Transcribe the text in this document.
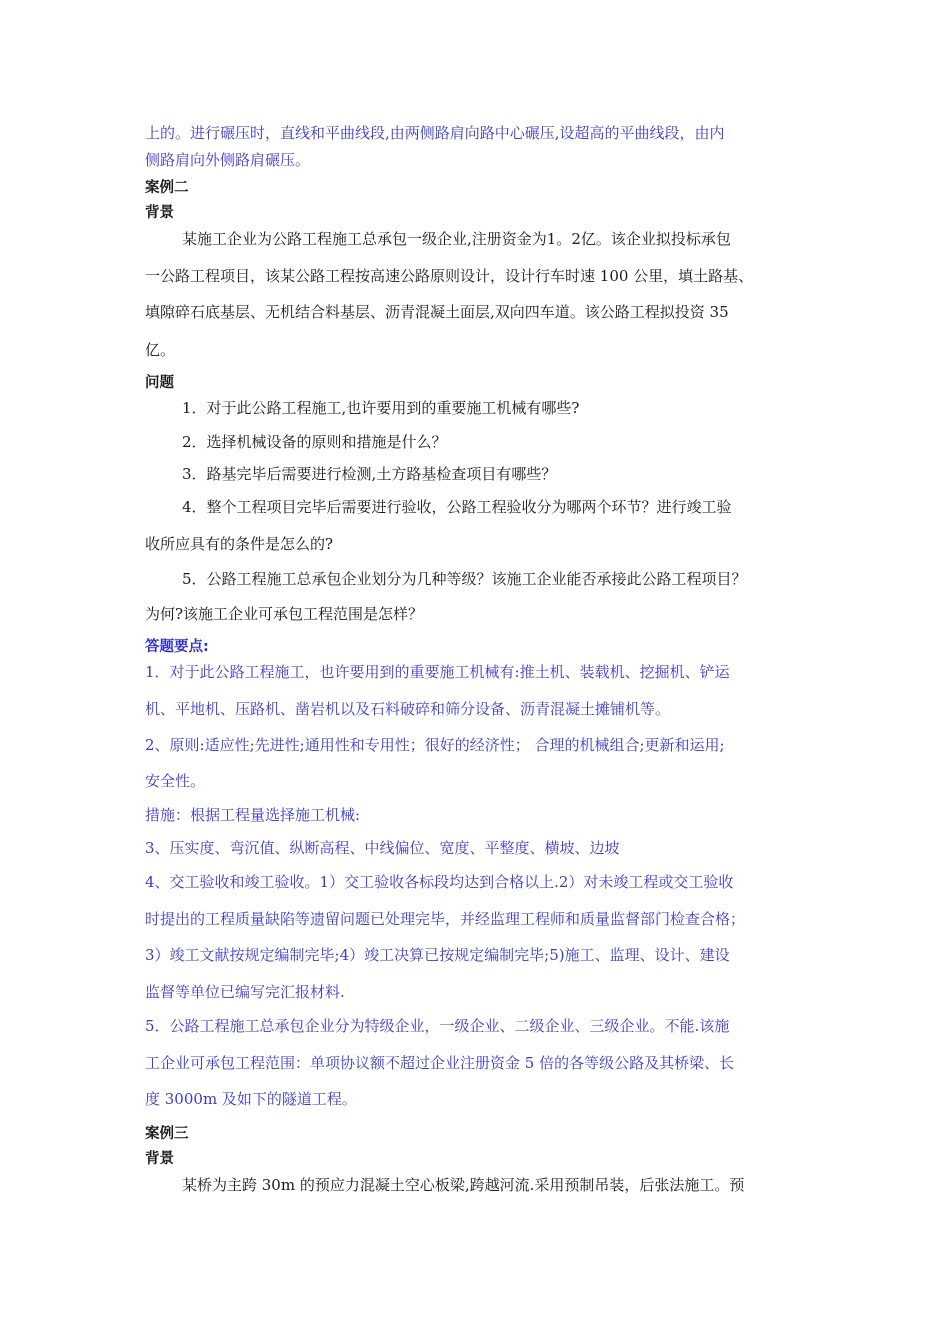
上的。进行碾压时，直线和平曲线段,由两侧路肩向路中心碾压,设超高的平曲线段，由内
侧路肩向外侧路肩碾压。
案例二
背景
某施工企业为公路工程施工总承包一级企业,注册资金为1。2亿。该企业拟投标承包
一公路工程项目，该某公路工程按高速公路原则设计，设计行车时速 100 公里，填土路基、
填隙碎石底基层、无机结合料基层、沥青混凝土面层,双向四车道。该公路工程拟投资 35
亿。
问题
1．对于此公路工程施工,也许要用到的重要施工机械有哪些?
2．选择机械设备的原则和措施是什么？
3．路基完毕后需要进行检测,土方路基检查项目有哪些？
4．整个工程项目完毕后需要进行验收，公路工程验收分为哪两个环节？进行竣工验
收所应具有的条件是怎么的?
5．公路工程施工总承包企业划分为几种等级？该施工企业能否承接此公路工程项目？
为何?该施工企业可承包工程范围是怎样？
答题要点:
1．对于此公路工程施工，也许要用到的重要施工机械有:推土机、装载机、挖掘机、铲运
机、平地机、压路机、凿岩机以及石料破碎和筛分设备、沥青混凝土摊铺机等。
2、原则:适应性;先进性;通用性和专用性；很好的经济性； 合理的机械组合;更新和运用;
安全性。
措施：根据工程量选择施工机械:
3、压实度、弯沉值、纵断高程、中线偏位、宽度、平整度、横坡、边坡
4、交工验收和竣工验收。1）交工验收各标段均达到合格以上.2）对未竣工程或交工验收
时提出的工程质量缺陷等遗留问题已处理完毕，并经监理工程师和质量监督部门检查合格；
3）竣工文献按规定编制完毕;4）竣工决算已按规定编制完毕;5)施工、监理、设计、建设
监督等单位已编写完汇报材料.
5．公路工程施工总承包企业分为特级企业，一级企业、二级企业、三级企业。不能.该施
工企业可承包工程范围：单项协议额不超过企业注册资金 5 倍的各等级公路及其桥梁、长
度 3000m 及如下的隧道工程。
案例三
背景
某桥为主跨 30m 的预应力混凝土空心板梁,跨越河流.采用预制吊装，后张法施工。预
